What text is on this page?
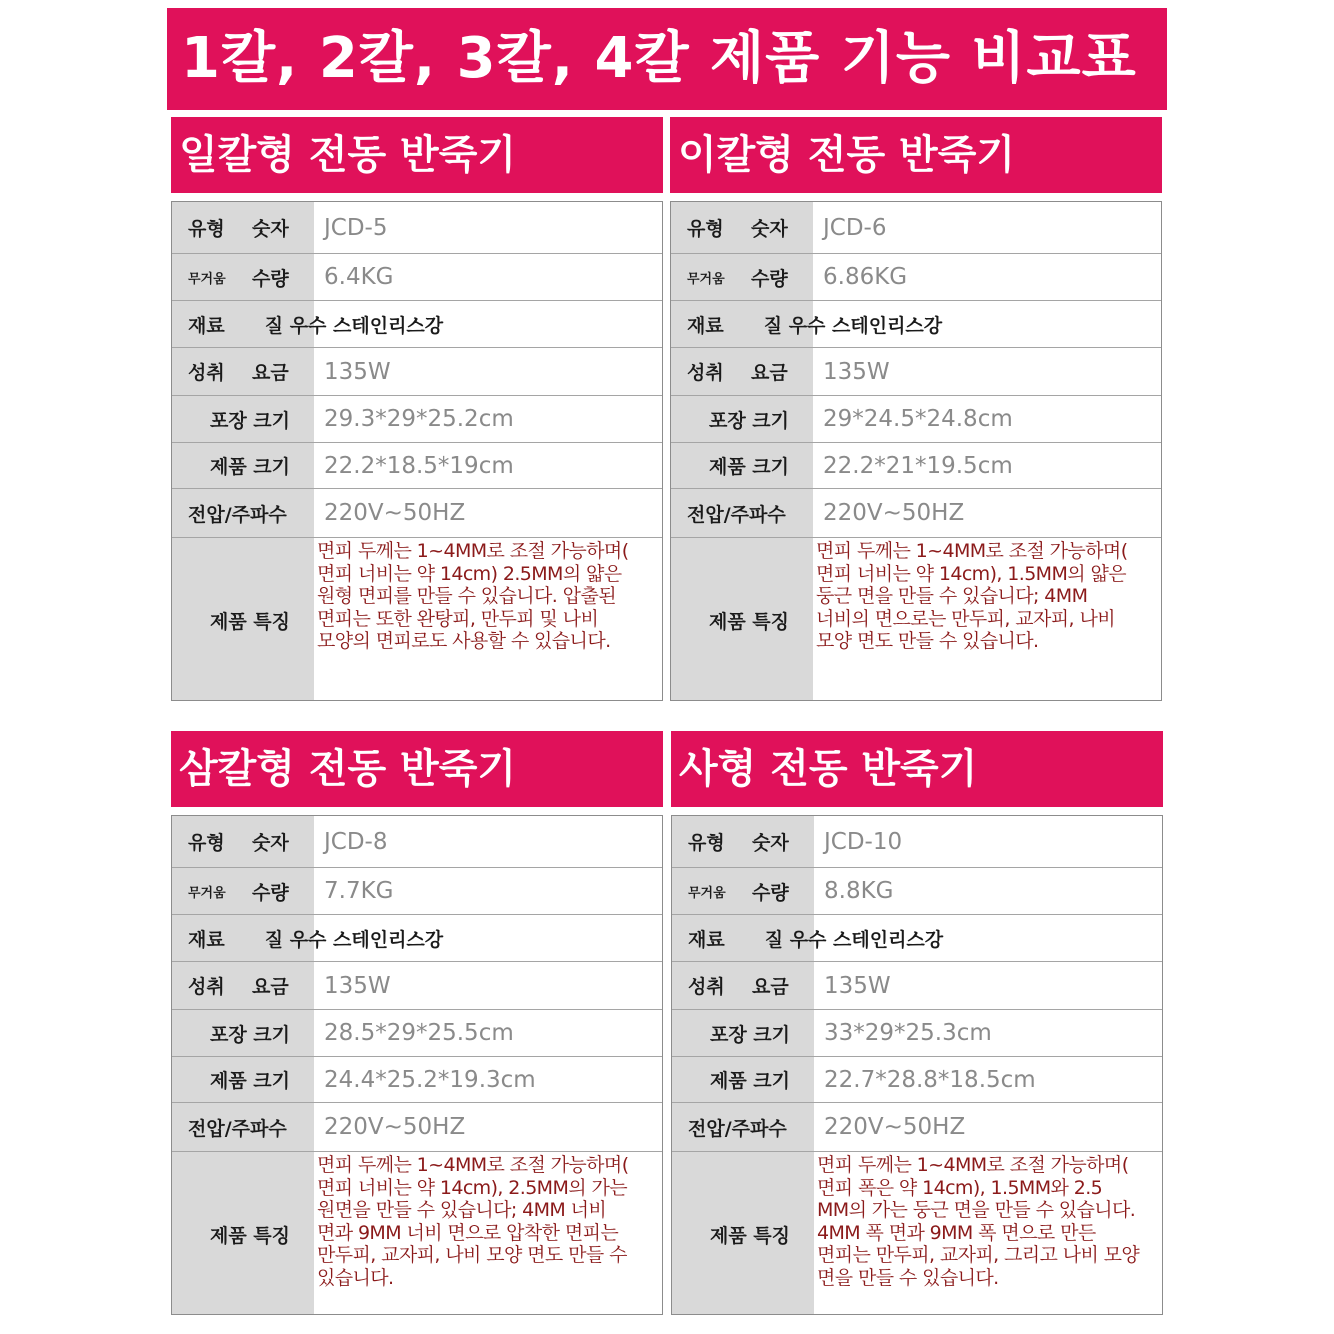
1칼, 2칼, 3칼, 4칼 제품 기능 비교표
일칼형 전동 반죽기
유형 숫자 JCD-5
무거움 수량 6.4KG
재료 질 우수 스테인리스강
성취 요금 135W
포장 크기	29.3*29*25.2cm
제품 크기	22.2*18.5*19cm
전압/주파수	220V~50HZ
제품 특징
면피 두께는 1~4MM로 조절 가능하며(
면피 너비는 약 14cm) 2.5MM의 얇은
원형 면피를 만들 수 있습니다. 압출된
면피는 또한 완탕피, 만두피 및 나비
모양의 면피로도 사용할 수 있습니다.
이칼형 전동 반죽기
유형 숫자 JCD-6
무거움 수량 6.86KG
재료 질 우수 스테인리스강
성취 요금 135W
포장 크기	29*24.5*24.8cm
제품 크기	22.2*21*19.5cm
전압/주파수	220V~50HZ
제품 특징
면피 두께는 1~4MM로 조절 가능하며(
면피 너비는 약 14cm), 1.5MM의 얇은
둥근 면을 만들 수 있습니다; 4MM
너비의 면으로는 만두피, 교자피, 나비
모양 면도 만들 수 있습니다.
삼칼형 전동 반죽기
유형 숫자 JCD-8
무거움 수량 7.7KG
재료 질 우수 스테인리스강
성취 요금 135W
포장 크기	28.5*29*25.5cm
제품 크기	24.4*25.2*19.3cm
전압/주파수	220V~50HZ
제품 특징
면피 두께는 1~4MM로 조절 가능하며(
면피 너비는 약 14cm), 2.5MM의 가는
원면을 만들 수 있습니다; 4MM 너비
면과 9MM 너비 면으로 압착한 면피는
만두피, 교자피, 나비 모양 면도 만들 수
있습니다.
사형 전동 반죽기
유형 숫자 JCD-10
무거움 수량 8.8KG
재료 질 우수 스테인리스강
성취 요금 135W
포장 크기	33*29*25.3cm
제품 크기	22.7*28.8*18.5cm
전압/주파수	220V~50HZ
제품 특징
면피 두께는 1~4MM로 조절 가능하며(
면피 폭은 약 14cm), 1.5MM와 2.5
MM의 가는 둥근 면을 만들 수 있습니다.
4MM 폭 면과 9MM 폭 면으로 만든
면피는 만두피, 교자피, 그리고 나비 모양
면을 만들 수 있습니다.
